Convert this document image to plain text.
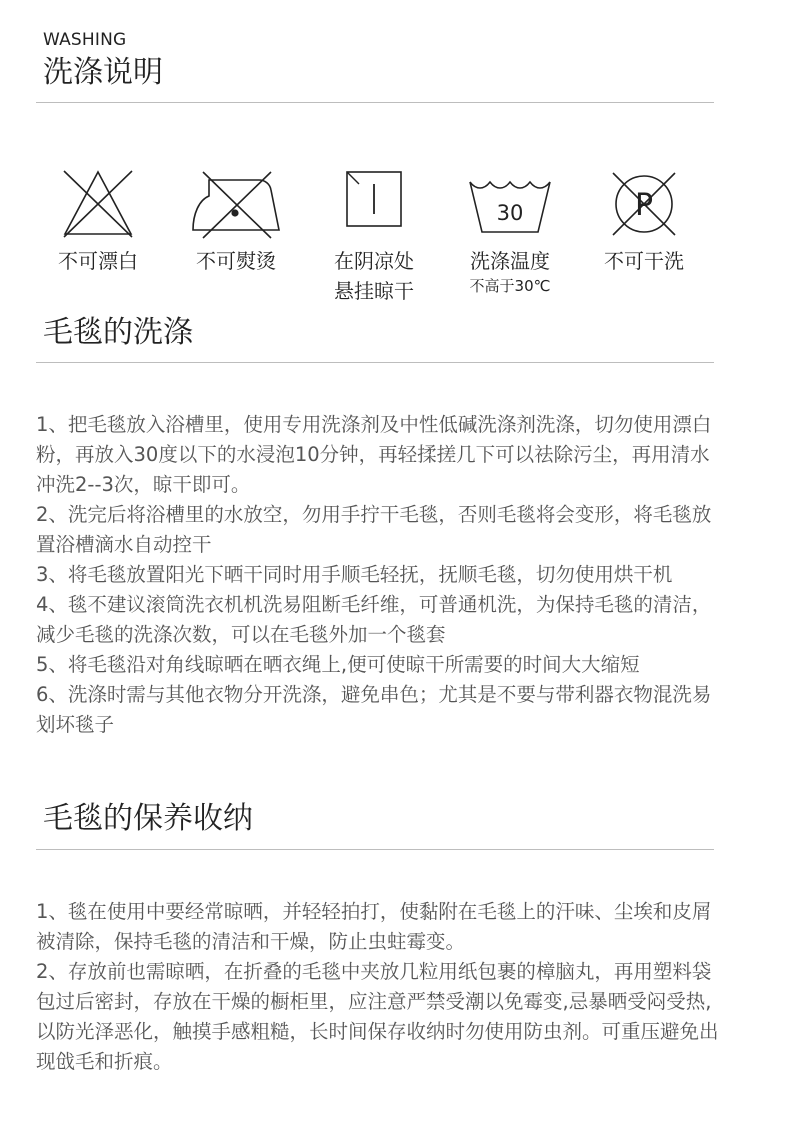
WASHING
洗涤说明
不可漂白	不可熨烫	在阴凉处
悬挂晾干
30
洗涤温度
不高于30℃
P
不可干洗
毛毯的洗涤

1、把毛毯放入浴槽里，使用专用洗涤剂及中性低碱洗涤剂洗涤，切勿使用漂白粉，再放入30度以下的水浸泡10分钟，再轻揉搓几下可以祛除污尘，再用清水冲洗2--3次，晾干即可。

2、洗完后将浴槽里的水放空，勿用手拧干毛毯，否则毛毯将会变形，将毛毯放置浴槽滴水自动控干

3、将毛毯放置阳光下晒干同时用手顺毛轻抚，抚顺毛毯，切勿使用烘干机

4、毯不建议滚筒洗衣机机洗易阻断毛纤维，可普通机洗，为保持毛毯的清洁，减少毛毯的洗涤次数，可以在毛毯外加一个毯套

5、将毛毯沿对角线晾晒在晒衣绳上,便可使晾干所需要的时间大大缩短

6、洗涤时需与其他衣物分开洗涤，避免串色；尤其是不要与带利器衣物混洗易划坏毯子

毛毯的保养收纳

1、毯在使用中要经常晾晒，并轻轻拍打，使黏附在毛毯上的汗味、尘埃和皮屑被清除，保持毛毯的清洁和干燥，防止虫蛀霉变。

2、存放前也需晾晒，在折叠的毛毯中夹放几粒用纸包裹的樟脑丸，再用塑料袋包过后密封，存放在干燥的橱柜里，应注意严禁受潮以免霉变,忌暴晒受闷受热,以防光泽恶化，触摸手感粗糙，长时间保存收纳时勿使用防虫剂。可重压避免出现戗毛和折痕。
